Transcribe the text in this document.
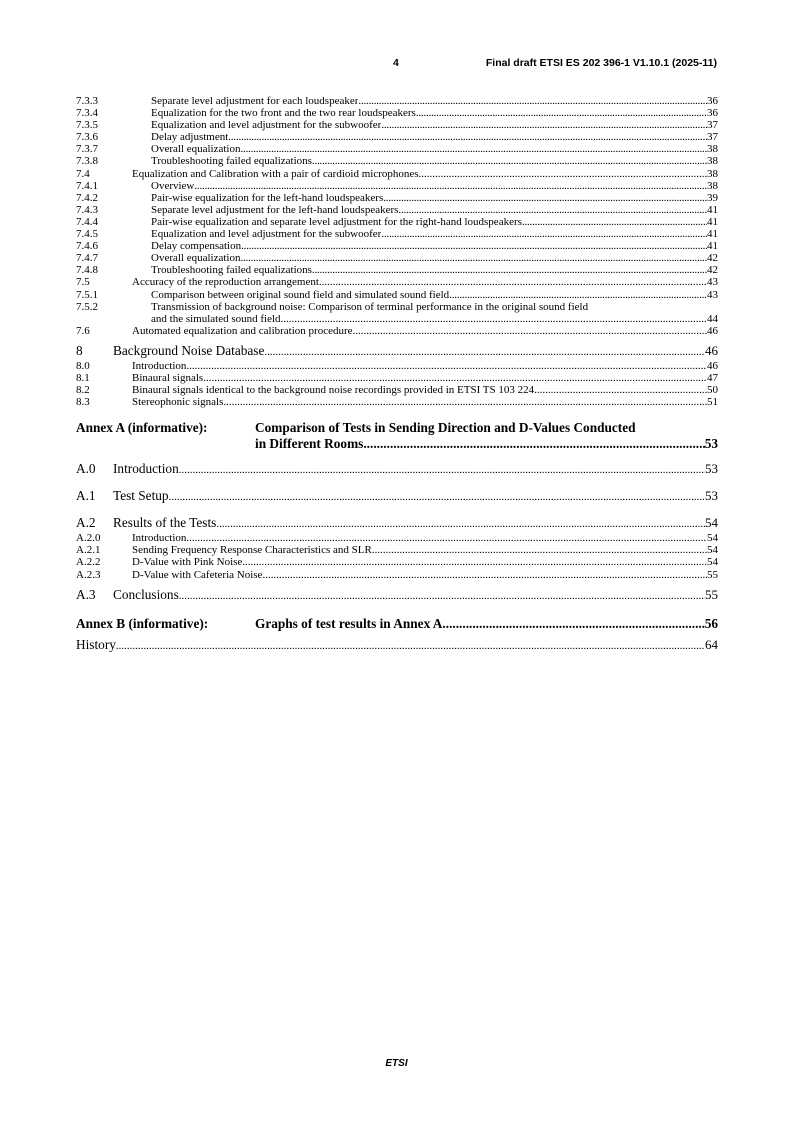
4	Final draft ETSI ES 202 396-1 V1.10.1 (2025-11)
7.3.3	Separate level adjustment for each loudspeaker .....	36
7.3.4	Equalization for the two front and the two rear loudspeakers .....	36
7.3.5	Equalization and level adjustment for the subwoofer .....	37
7.3.6	Delay adjustment .....	37
7.3.7	Overall equalization .....	38
7.3.8	Troubleshooting failed equalizations .....	38
7.4	Equalization and Calibration with a pair of cardioid microphones .....	38
7.4.1	Overview .....	38
7.4.2	Pair-wise equalization for the left-hand loudspeakers .....	39
7.4.3	Separate level adjustment for the left-hand loudspeakers .....	41
7.4.4	Pair-wise equalization and separate level adjustment for the right-hand loudspeakers .....	41
7.4.5	Equalization and level adjustment for the subwoofer .....	41
7.4.6	Delay compensation .....	41
7.4.7	Overall equalization .....	42
7.4.8	Troubleshooting failed equalizations .....	42
7.5	Accuracy of the reproduction arrangement .....	43
7.5.1	Comparison between original sound field and simulated sound field .....	43
7.5.2	Transmission of background noise: Comparison of terminal performance in the original sound field
and the simulated sound field .....	44
7.6	Automated equalization and calibration procedure .....	46
8 Background Noise Database .....	46
8.0	Introduction .....	46
8.1	Binaural signals .....	47
8.2	Binaural signals identical to the background noise recordings provided in ETSI TS 103 224 .....	50
8.3	Stereophonic signals .....	51
Annex A (informative):	Comparison of Tests in Sending Direction and D-Values Conducted
in Different Rooms .....	53
A.0 Introduction .....	53
A.1 Test Setup .....	53
A.2 Results of the Tests .....	54
A.2.0	Introduction .....	54
A.2.1	Sending Frequency Response Characteristics and SLR .....	54
A.2.2	D-Value with Pink Noise .....	54
A.2.3	D-Value with Cafeteria Noise .....	55
A.3 Conclusions .....	55
Annex B (informative):	Graphs of test results in Annex A .....	56
History .....	64
ETSI
